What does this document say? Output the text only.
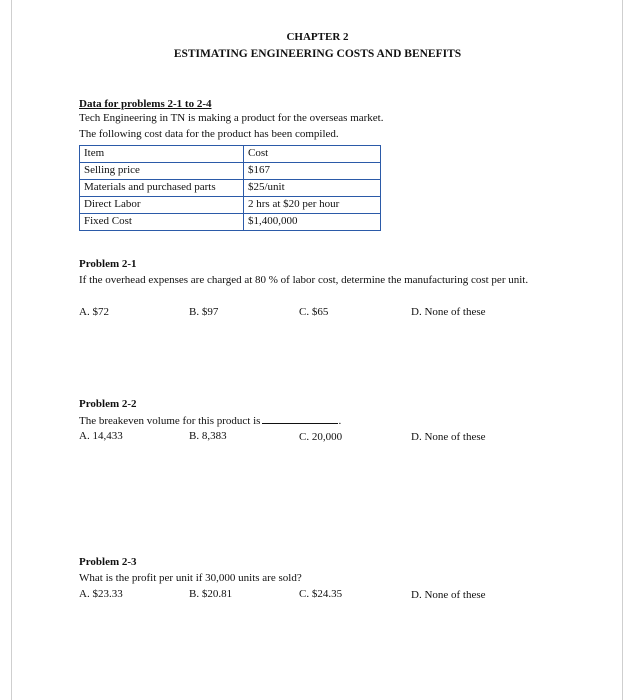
CHAPTER 2
ESTIMATING ENGINEERING COSTS AND BENEFITS
Data for problems 2-1 to 2-4
Tech Engineering in TN is making a product for the overseas market.
The following cost data for the product has been compiled.
Item	Cost
Selling price	$167
Materials and purchased parts	$25/unit
Direct Labor	2 hrs at $20 per hour
Fixed Cost	$1,400,000
Problem 2-1
If the overhead expenses are charged at 80 % of labor cost, determine the manufacturing cost per unit.
A. $72	B. $97	C. $65	D. None of these
Problem 2-2
The breakeven volume for this product is	.
A. 14,433	B. 8,383	C. 20,000	D. None of these
Problem 2-3
What is the profit per unit if 30,000 units are sold?
A. $23.33	B. $20.81	C. $24.35	D. None of these
